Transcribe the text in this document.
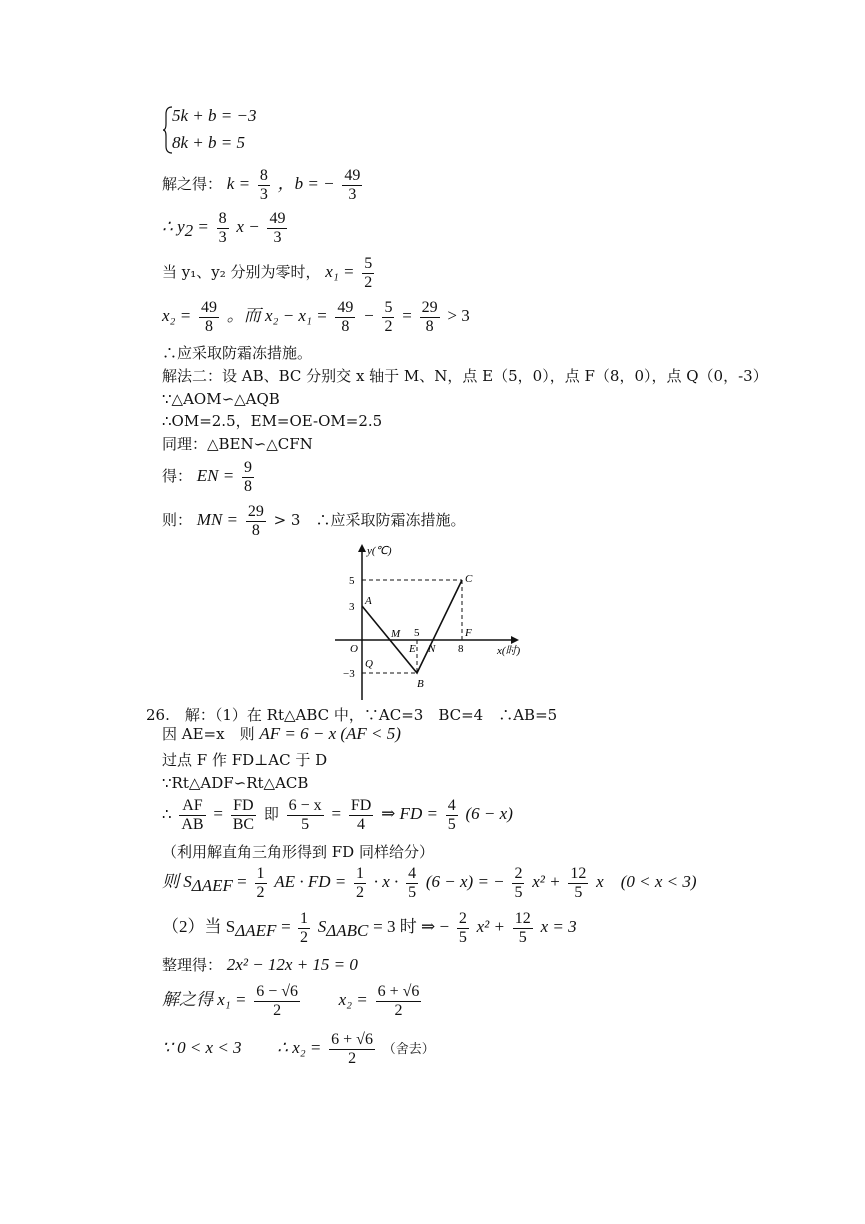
5k + b = −3
8k + b = 5
解之得： $k = \frac{8}{3}$ ，b = − $\frac{49}{3}$
∴ $y_2 = \frac{8}{3}$ $x - \frac{49}{3}$
当 y₁、y₂ 分别为零时， $x_1 = \frac{5}{2}$
$x_2 = \frac{49}{8}$ 。而 $x_2 - x_1 = \frac{49}{8} - \frac{5}{2} = \frac{29}{8} > 3$
∴应采取防霜冻措施。
解法二：设 AB、BC 分别交 x 轴于 M、N，点 E（5，0），点 F（8，0），点 Q（0，-3）
∵△AOM∽△AQB
∴OM=2.5，EM=OE-OM=2.5
同理：△BEN∽△CFN
得： EN = $\frac{9}{8}$
则： MN = $\frac{29}{8} > 3$　∴应采取防霜冻措施。
y(℃)
x(时)
5
3
−3
O
A
B
C
M
N
E
F
Q
5
8
26.　解：（1）在 Rt△ABC 中，∵AC=3　BC=4　∴AB=5
因 AE=x　则 AF = 6 − x (AF < 5)
过点 F 作 FD⊥AC 于 D
∵Rt△ADF∽Rt△ACB
∴ $\frac{AF}{AB} = \frac{FD}{BC}$ 即 $\frac{6 - x}{5} = \frac{FD}{4}$ ⇒ FD = $\frac{4}{5} (6 - x)$
（利用解直角三角形得到 FD 同样给分）
则 $S_{\Delta AEF} = \frac{1}{2}$ AE · FD = $\frac{1}{2} \cdot x \cdot \frac{4}{5} (6 - x)$ = − $\frac{2}{5} x^2 + \frac{12}{5}$ x　(0 < x < 3)
（2）当 $S_{\Delta AEF} = \frac{1}{2} S_{\Delta ABC} = 3$ 时 ⇒ − $\frac{2}{5} x^2 + \frac{12}{5}$ x = 3
整理得： 2x² − 12x + 15 = 0
解之得 $x_1 = \frac{6 - √6}{2} x_2 = \frac{6 + √6}{2}$
∵ 0 < x < 3 ∴ $x_2 = \frac{6 + √6}{2}$ （舍去）
